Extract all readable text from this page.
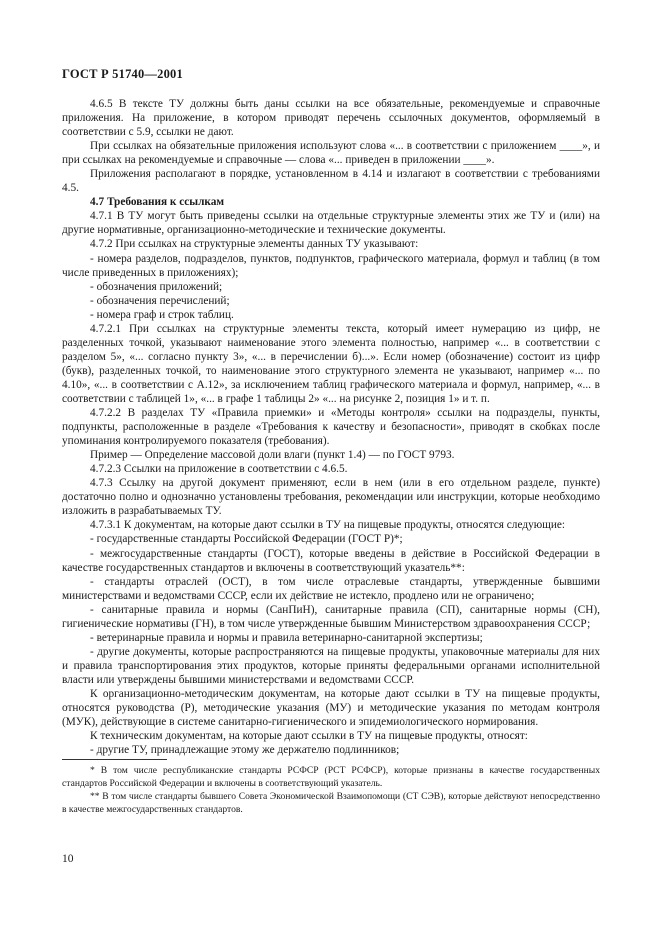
ГОСТ Р 51740—2001

4.6.5 В тексте ТУ должны быть даны ссылки на все обязательные, рекомендуемые и справочные приложения. На приложение, в котором приводят перечень ссылочных документов, оформляемый в соответствии с 5.9, ссылки не дают.

При ссылках на обязательные приложения используют слова «... в соответствии с приложением ____», и при ссылках на рекомендуемые и справочные — слова «... приведен в приложении ____».

Приложения располагают в порядке, установленном в 4.14 и излагают в соответствии с требованиями 4.5.

4.7 Требования к ссылкам

4.7.1 В ТУ могут быть приведены ссылки на отдельные структурные элементы этих же ТУ и (или) на другие нормативные, организационно-методические и технические документы.

4.7.2 При ссылках на структурные элементы данных ТУ указывают:

- номера разделов, подразделов, пунктов, подпунктов, графического материала, формул и таблиц (в том числе приведенных в приложениях);

- обозначения приложений;

- обозначения перечислений;

- номера граф и строк таблиц.

4.7.2.1 При ссылках на структурные элементы текста, который имеет нумерацию из цифр, не разделенных точкой, указывают наименование этого элемента полностью, например «... в соответствии с разделом 5», «... согласно пункту 3», «... в перечислении б)...». Если номер (обозначение) состоит из цифр (букв), разделенных точкой, то наименование этого структурного элемента не указывают, например «... по 4.10», «... в соответствии с А.12», за исключением таблиц графического материала и формул, например, «... в соответствии с таблицей 1», «... в графе 1 таблицы 2» «... на рисунке 2, позиция 1» и т. п.

4.7.2.2 В разделах ТУ «Правила приемки» и «Методы контроля» ссылки на подразделы, пункты, подпункты, расположенные в разделе «Требования к качеству и безопасности», приводят в скобках после упоминания контролируемого показателя (требования).

Пример — Определение массовой доли влаги (пункт 1.4) — по ГОСТ 9793.

4.7.2.3 Ссылки на приложение в соответствии с 4.6.5.

4.7.3 Ссылку на другой документ применяют, если в нем (или в его отдельном разделе, пункте) достаточно полно и однозначно установлены требования, рекомендации или инструкции, которые необходимо изложить в разрабатываемых ТУ.

4.7.3.1 К документам, на которые дают ссылки в ТУ на пищевые продукты, относятся следующие:

- государственные стандарты Российской Федерации (ГОСТ Р)*;

- межгосударственные стандарты (ГОСТ), которые введены в действие в Российской Федерации в качестве государственных стандартов и включены в соответствующий указатель**:

- стандарты отраслей (ОСТ), в том числе отраслевые стандарты, утвержденные бывшими министерствами и ведомствами СССР, если их действие не истекло, продлено или не ограничено;

- санитарные правила и нормы (СанПиН), санитарные правила (СП), санитарные нормы (СН), гигиенические нормативы (ГН), в том числе утвержденные бывшим Министерством здравоохранения СССР;

- ветеринарные правила и нормы и правила ветеринарно-санитарной экспертизы;

- другие документы, которые распространяются на пищевые продукты, упаковочные материалы для них и правила транспортирования этих продуктов, которые приняты федеральными органами исполнительной власти или утверждены бывшими министерствами и ведомствами СССР.

К организационно-методическим документам, на которые дают ссылки в ТУ на пищевые продукты, относятся руководства (Р), методические указания (МУ) и методические указания по методам контроля (МУК), действующие в системе санитарно-гигиенического и эпидемиологического нормирования.

К техническим документам, на которые дают ссылки в ТУ на пищевые продукты, относят:

- другие ТУ, принадлежащие этому же держателю подлинников;

* В том числе республиканские стандарты РСФСР (РСТ РСФСР), которые признаны в качестве государственных стандартов Российской Федерации и включены в соответствующий указатель.

** В том числе стандарты бывшего Совета Экономической Взаимопомощи (СТ СЭВ), которые действуют непосредственно в качестве межгосударственных стандартов.

10
